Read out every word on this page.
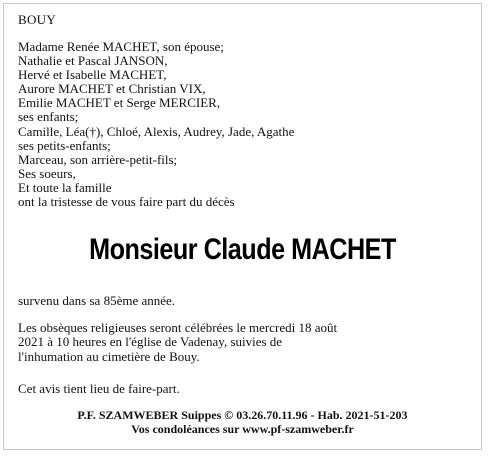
BOUY
Madame Renée MACHET, son épouse;
Nathalie et Pascal JANSON,
Hervé et Isabelle MACHET,
Aurore MACHET et Christian VIX,
Emilie MACHET et Serge MERCIER,
ses enfants;
Camille, Léa(†), Chloé, Alexis, Audrey, Jade, Agathe
ses petits-enfants;
Marceau, son arrière-petit-fils;
Ses soeurs,
Et toute la famille
ont la tristesse de vous faire part du décès
Monsieur Claude MACHET
survenu dans sa 85ème année.
Les obsèques religieuses seront célébrées le mercredi 18 août
2021 à 10 heures en l'église de Vadenay, suivies de
l'inhumation au cimetière de Bouy.
Cet avis tient lieu de faire-part.
P.F. SZAMWEBER Suippes © 03.26.70.11.96 - Hab. 2021-51-203
Vos condoléances sur www.pf-szamweber.fr
